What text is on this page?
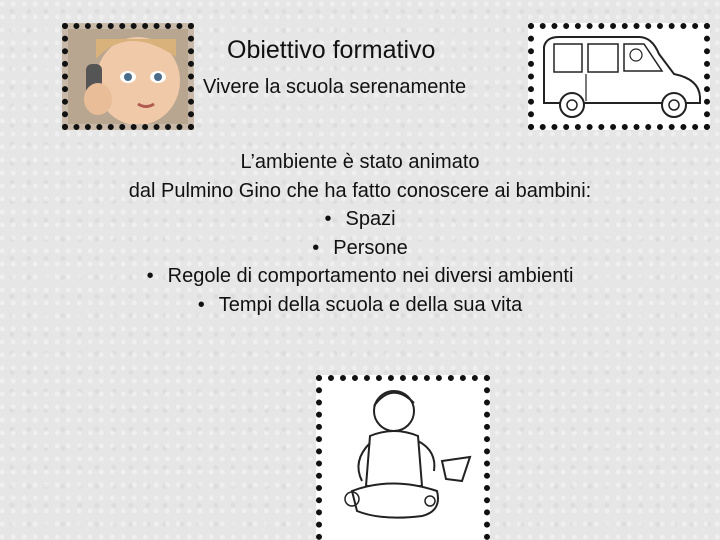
Obiettivo formativo
Vivere la scuola serenamente

L’ambiente è stato animato

dal Pulmino Gino che ha fatto conoscere ai bambini:

• Spazi
• Persone
• Regole di comportamento nei diversi ambienti
• Tempi della scuola e della sua vita
